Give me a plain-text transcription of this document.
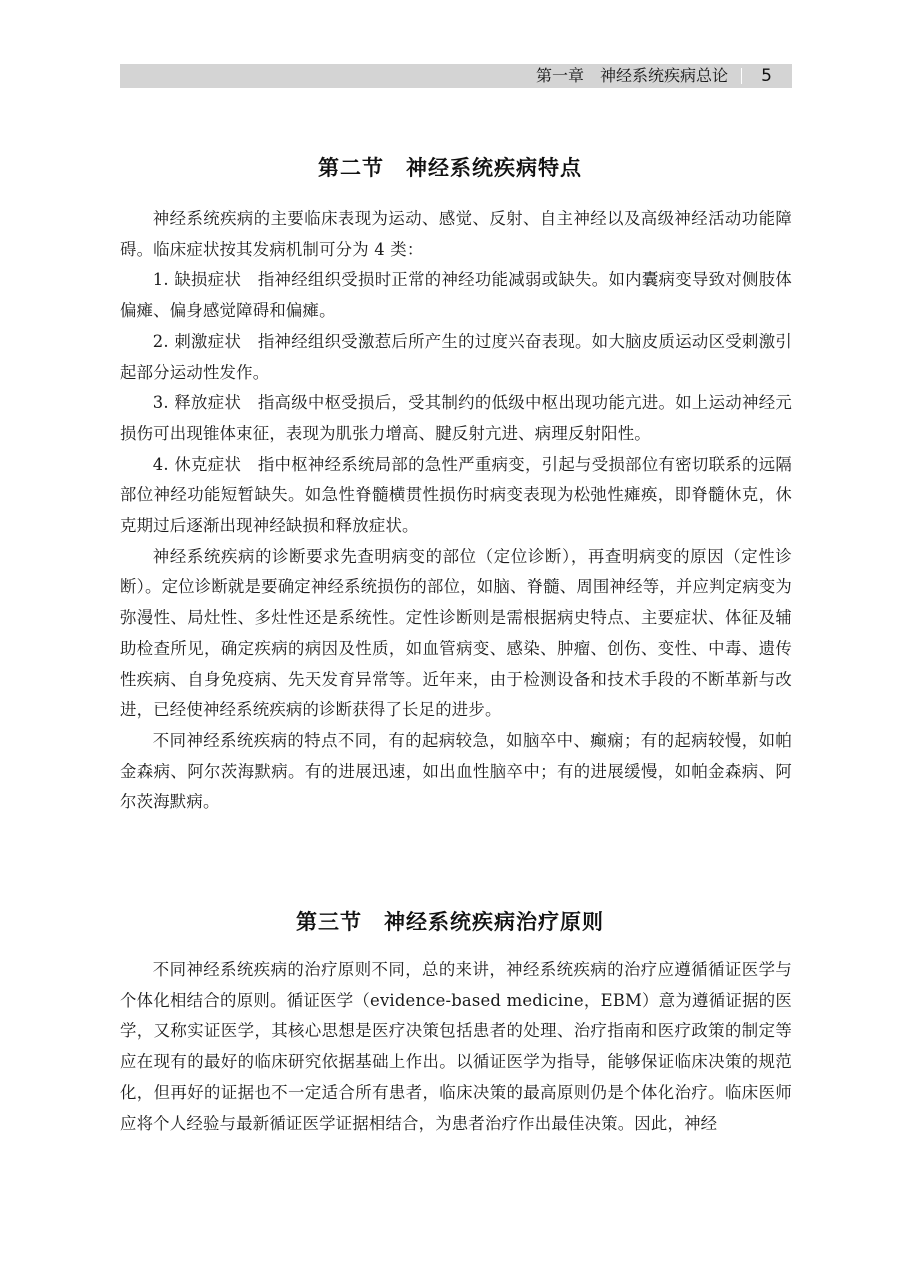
第一章　神经系统疾病总论 5
第二节 神经系统疾病特点

神经系统疾病的主要临床表现为运动、感觉、反射、自主神经以及高级神经活动功能障碍。临床症状按其发病机制可分为 4 类：

1. 缺损症状　指神经组织受损时正常的神经功能减弱或缺失。如内囊病变导致对侧肢体偏瘫、偏身感觉障碍和偏瘫。

2. 刺激症状　指神经组织受激惹后所产生的过度兴奋表现。如大脑皮质运动区受刺激引起部分运动性发作。

3. 释放症状　指高级中枢受损后，受其制约的低级中枢出现功能亢进。如上运动神经元损伤可出现锥体束征，表现为肌张力增高、腱反射亢进、病理反射阳性。

4. 休克症状　指中枢神经系统局部的急性严重病变，引起与受损部位有密切联系的远隔部位神经功能短暂缺失。如急性脊髓横贯性损伤时病变表现为松弛性瘫痪，即脊髓休克，休克期过后逐渐出现神经缺损和释放症状。

神经系统疾病的诊断要求先查明病变的部位（定位诊断），再查明病变的原因（定性诊断）。定位诊断就是要确定神经系统损伤的部位，如脑、脊髓、周围神经等，并应判定病变为弥漫性、局灶性、多灶性还是系统性。定性诊断则是需根据病史特点、主要症状、体征及辅助检查所见，确定疾病的病因及性质，如血管病变、感染、肿瘤、创伤、变性、中毒、遗传性疾病、自身免疫病、先天发育异常等。近年来，由于检测设备和技术手段的不断革新与改进，已经使神经系统疾病的诊断获得了长足的进步。

不同神经系统疾病的特点不同，有的起病较急，如脑卒中、癫痫；有的起病较慢，如帕金森病、阿尔茨海默病。有的进展迅速，如出血性脑卒中；有的进展缓慢，如帕金森病、阿尔茨海默病。

第三节 神经系统疾病治疗原则

不同神经系统疾病的治疗原则不同，总的来讲，神经系统疾病的治疗应遵循循证医学与个体化相结合的原则。循证医学（evidence-based medicine，EBM）意为遵循证据的医学，又称实证医学，其核心思想是医疗决策包括患者的处理、治疗指南和医疗政策的制定等应在现有的最好的临床研究依据基础上作出。以循证医学为指导，能够保证临床决策的规范化，但再好的证据也不一定适合所有患者，临床决策的最高原则仍是个体化治疗。临床医师应将个人经验与最新循证医学证据相结合，为患者治疗作出最佳决策。因此，神经
